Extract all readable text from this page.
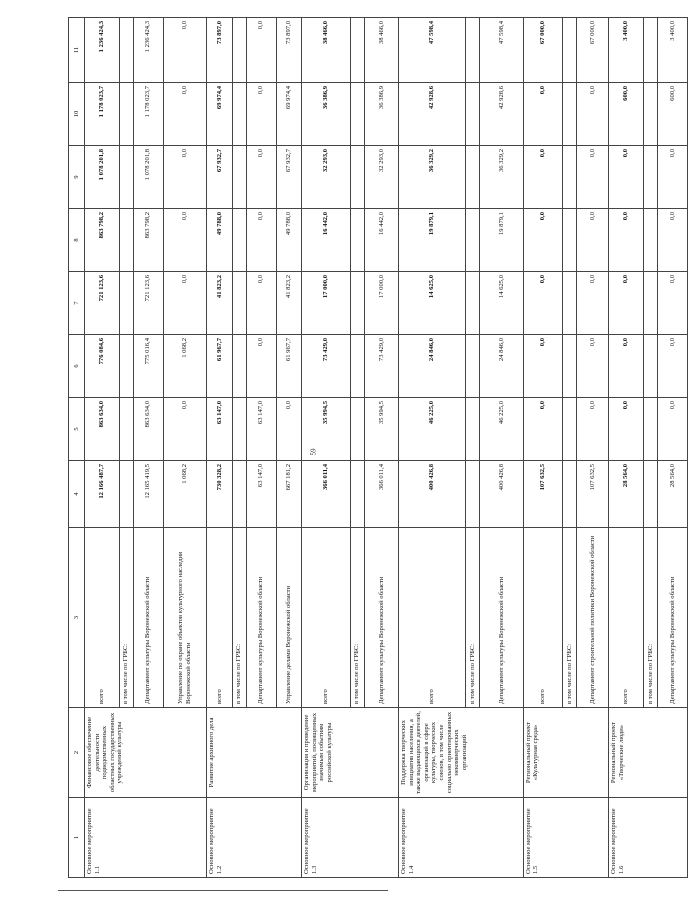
59
1	2	3	4	5	6	7	8	9	10	11
Основное мероприятие 1.1	Финансовое обеспечение деятельности подведомственных областных государственных учреждений культуры	всего	12 166 487,7	863 634,0	776 084,6	721 123,6	863 798,2	1 078 201,8	1 178 023,7	1 236 424,3
		в том числе по ГРБС:								
		Департамент культуры Воронежской области	12 165 419,5	863 634,0	775 016,4	721 123,6	863 798,2	1 078 201,8	1 178 023,7	1 236 424,3
		Управление по охране объектов культурного наследия Воронежской области	1 068,2	0,0	1 068,2	0,0	0,0	0,0	0,0	0,0
Основное мероприятие 1.2	Развитие архивного дела	всего	730 328,2	63 147,0	61 967,7	41 823,2	49 788,0	67 932,7	69 974,4	73 897,0
		в том числе по ГРБС:								
		Департамент культуры Воронежской области	63 147,0	63 147,0	0,0	0,0	0,0	0,0	0,0	0,0
		Управление делами Воронежской области	667 181,2	0,0	61 967,7	41 823,2	49 788,0	67 932,7	69 974,4	73 897,0
Основное мероприятие 1.3	Организация и проведение мероприятий, посвященных значимым событиям российской культуры	всего	366 011,4	35 994,5	73 429,0	17 000,0	16 442,0	32 293,0	36 386,9	38 466,0
		в том числе по ГРБС:								
		Департамент культуры Воронежской области	366 011,4	35 994,5	73 429,0	17 000,0	16 442,0	32 293,0	36 386,9	38 466,0
Основное мероприятие 1.4	Поддержка творческих инициатив населения, а также выдающихся деятелей, организаций в сфере культуры, творческих союзов, в том числе социально ориентированных некоммерческих организаций	всего	400 426,8	46 225,0	24 846,0	14 625,0	19 879,1	36 329,2	42 928,6	47 598,4
		в том числе по ГРБС:								
		Департамент культуры Воронежской области	400 426,8	46 225,0	24 846,0	14 625,0	19 879,1	36 329,2	42 928,6	47 598,4
Основное мероприятие 1.5	Региональный проект «Культурная среда»	всего	107 632,5	0,0	0,0	0,0	0,0	0,0	0,0	67 000,0
		в том числе по ГРБС:								
		Департамент строительной политики Воронежской области	107 632,5	0,0	0,0	0,0	0,0	0,0	0,0	67 000,0
Основное мероприятие 1.6	Региональный проект «Творческие люди»	всего	28 564,0	0,0	0,0	0,0	0,0	0,0	600,0	3 400,0
		в том числе по ГРБС:								
		Департамент культуры Воронежской области	28 564,0	0,0	0,0	0,0	0,0	0,0	600,0	3 400,0
